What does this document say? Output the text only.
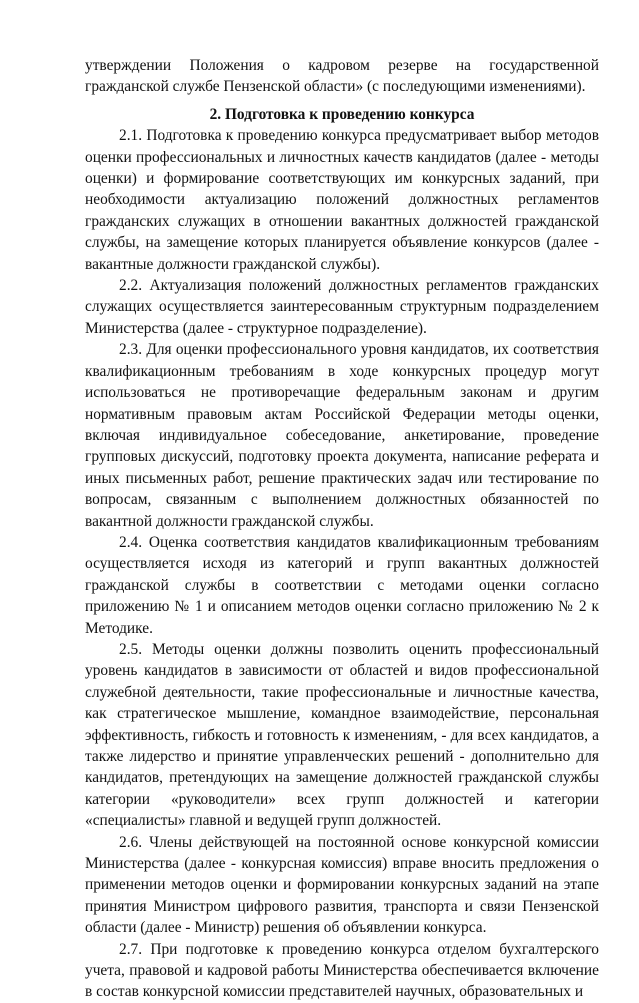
утверждении Положения о кадровом резерве на государственной гражданской службе Пензенской области» (с последующими изменениями).

2. Подготовка к проведению конкурса

2.1. Подготовка к проведению конкурса предусматривает выбор методов оценки профессиональных и личностных качеств кандидатов (далее - методы оценки) и формирование соответствующих им конкурсных заданий, при необходимости актуализацию положений должностных регламентов гражданских служащих в отношении вакантных должностей гражданской службы, на замещение которых планируется объявление конкурсов (далее - вакантные должности гражданской службы).

2.2. Актуализация положений должностных регламентов гражданских служащих осуществляется заинтересованным структурным подразделением Министерства (далее - структурное подразделение).

2.3. Для оценки профессионального уровня кандидатов, их соответствия квалификационным требованиям в ходе конкурсных процедур могут использоваться не противоречащие федеральным законам и другим нормативным правовым актам Российской Федерации методы оценки, включая индивидуальное собеседование, анкетирование, проведение групповых дискуссий, подготовку проекта документа, написание реферата и иных письменных работ, решение практических задач или тестирование по вопросам, связанным с выполнением должностных обязанностей по вакантной должности гражданской службы.

2.4. Оценка соответствия кандидатов квалификационным требованиям осуществляется исходя из категорий и групп вакантных должностей гражданской службы в соответствии с методами оценки согласно приложению № 1 и описанием методов оценки согласно приложению № 2 к Методике.

2.5. Методы оценки должны позволить оценить профессиональный уровень кандидатов в зависимости от областей и видов профессиональной служебной деятельности, такие профессиональные и личностные качества, как стратегическое мышление, командное взаимодействие, персональная эффективность, гибкость и готовность к изменениям, - для всех кандидатов, а также лидерство и принятие управленческих решений - дополнительно для кандидатов, претендующих на замещение должностей гражданской службы категории «руководители» всех групп должностей и категории «специалисты» главной и ведущей групп должностей.

2.6. Члены действующей на постоянной основе конкурсной комиссии Министерства (далее - конкурсная комиссия) вправе вносить предложения о применении методов оценки и формировании конкурсных заданий на этапе принятия Министром цифрового развития, транспорта и связи Пензенской области (далее - Министр) решения об объявлении конкурса.

2.7. При подготовке к проведению конкурса отделом бухгалтерского учета, правовой и кадровой работы Министерства обеспечивается включение в состав конкурсной комиссии представителей научных, образовательных и
